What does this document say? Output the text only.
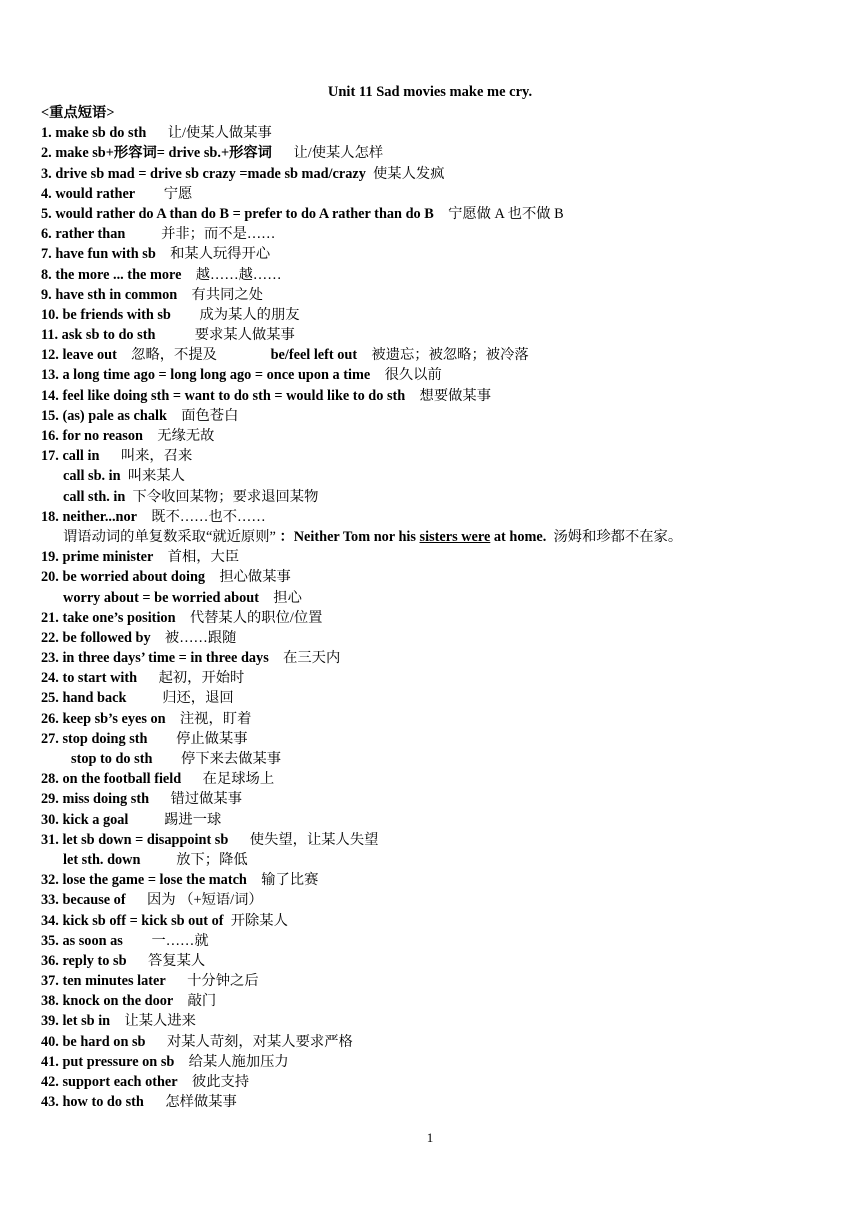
Unit 11 Sad movies make me cry.
<重点短语>
1. make sb do sth 让/使某人做某事
2. make sb+形容词= drive sb.+形容词 让/使某人怎样
3. drive sb mad = drive sb crazy =made sb mad/crazy 使某人发疯
4. would rather 宁愿
5. would rather do A than do B = prefer to do A rather than do B 宁愿做 A 也不做 B
6. rather than	并非；而不是……
7. have fun with sb 和某人玩得开心
8. the more ... the more 越……越……
9. have sth in common 有共同之处
10. be friends with sb 成为某人的朋友
11. ask sb to do sth	要求某人做某事
12. leave out 忽略，不提及	be/feel left out 被遗忘；被忽略；被冷落
13. a long time ago = long long ago = once upon a time 很久以前
14. feel like doing sth = want to do sth = would like to do sth 想要做某事
15. (as) pale as chalk 面色苍白
16. for no reason 无缘无故
17. call in 叫来，召来
call sb. in 叫来某人
call sth. in 下令收回某物；要求退回某物
18. neither...nor 既不……也不……
谓语动词的单复数采取“就近原则” ：Neither Tom nor his sisters were at home. 汤姆和珍都不在家。
19. prime minister 首相，大臣
20. be worried about doing 担心做某事
worry about = be worried about 担心
21. take one’s position 代替某人的职位/位置
22. be followed by 被……跟随
23. in three days’ time = in three days 在三天内
24. to start with 起初，开始时
25. hand back	归还，退回
26. keep sb’s eyes on 注视，盯着
27. stop doing sth 停止做某事
stop to do sth 停下来去做某事
28. on the football field 在足球场上
29. miss doing sth 错过做某事
30. kick a goal	踢进一球
31. let sb down = disappoint sb 使失望，让某人失望
let sth. down	放下；降低
32. lose the game = lose the match 输了比赛
33. because of 因为 （+短语/词）
34. kick sb off = kick sb out of 开除某人
35. as soon as 一……就
36. reply to sb 答复某人
37. ten minutes later 十分钟之后
38. knock on the door 敲门
39. let sb in 让某人进来
40. be hard on sb 对某人苛刻，对某人要求严格
41. put pressure on sb 给某人施加压力
42. support each other 彼此支持
43. how to do sth 怎样做某事
1
